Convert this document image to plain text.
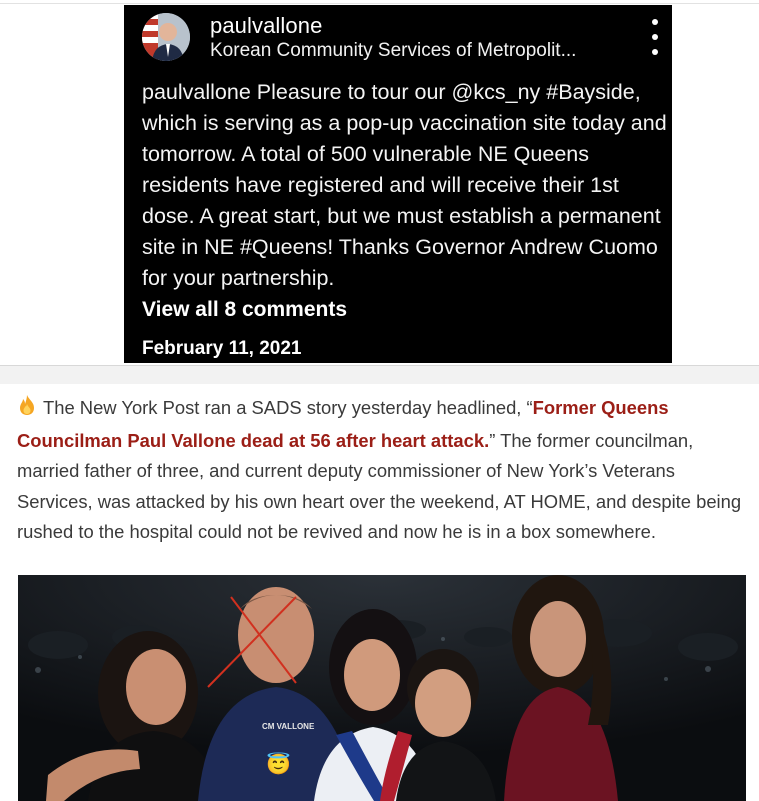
paulvallone
Korean Community Services of Metropolit...
paulvallone Pleasure to tour our @kcs_ny #Bayside, which is serving as a pop-up vaccination site today and tomorrow. A total of 500 vulnerable NE Queens residents have registered and will receive their 1st dose. A great start, but we must establish a permanent site in NE #Queens! Thanks Governor Andrew Cuomo for your partnership.
View all 8 comments
February 11, 2021
The New York Post ran a SADS story yesterday headlined, “Former Queens Councilman Paul Vallone dead at 56 after heart attack.” The former councilman, married father of three, and current deputy commissioner of New York’s Veterans Services, was attacked by his own heart over the weekend, AT HOME, and despite being rushed to the hospital could not be revived and now he is in a box somewhere.
CM VALLONE
😇
